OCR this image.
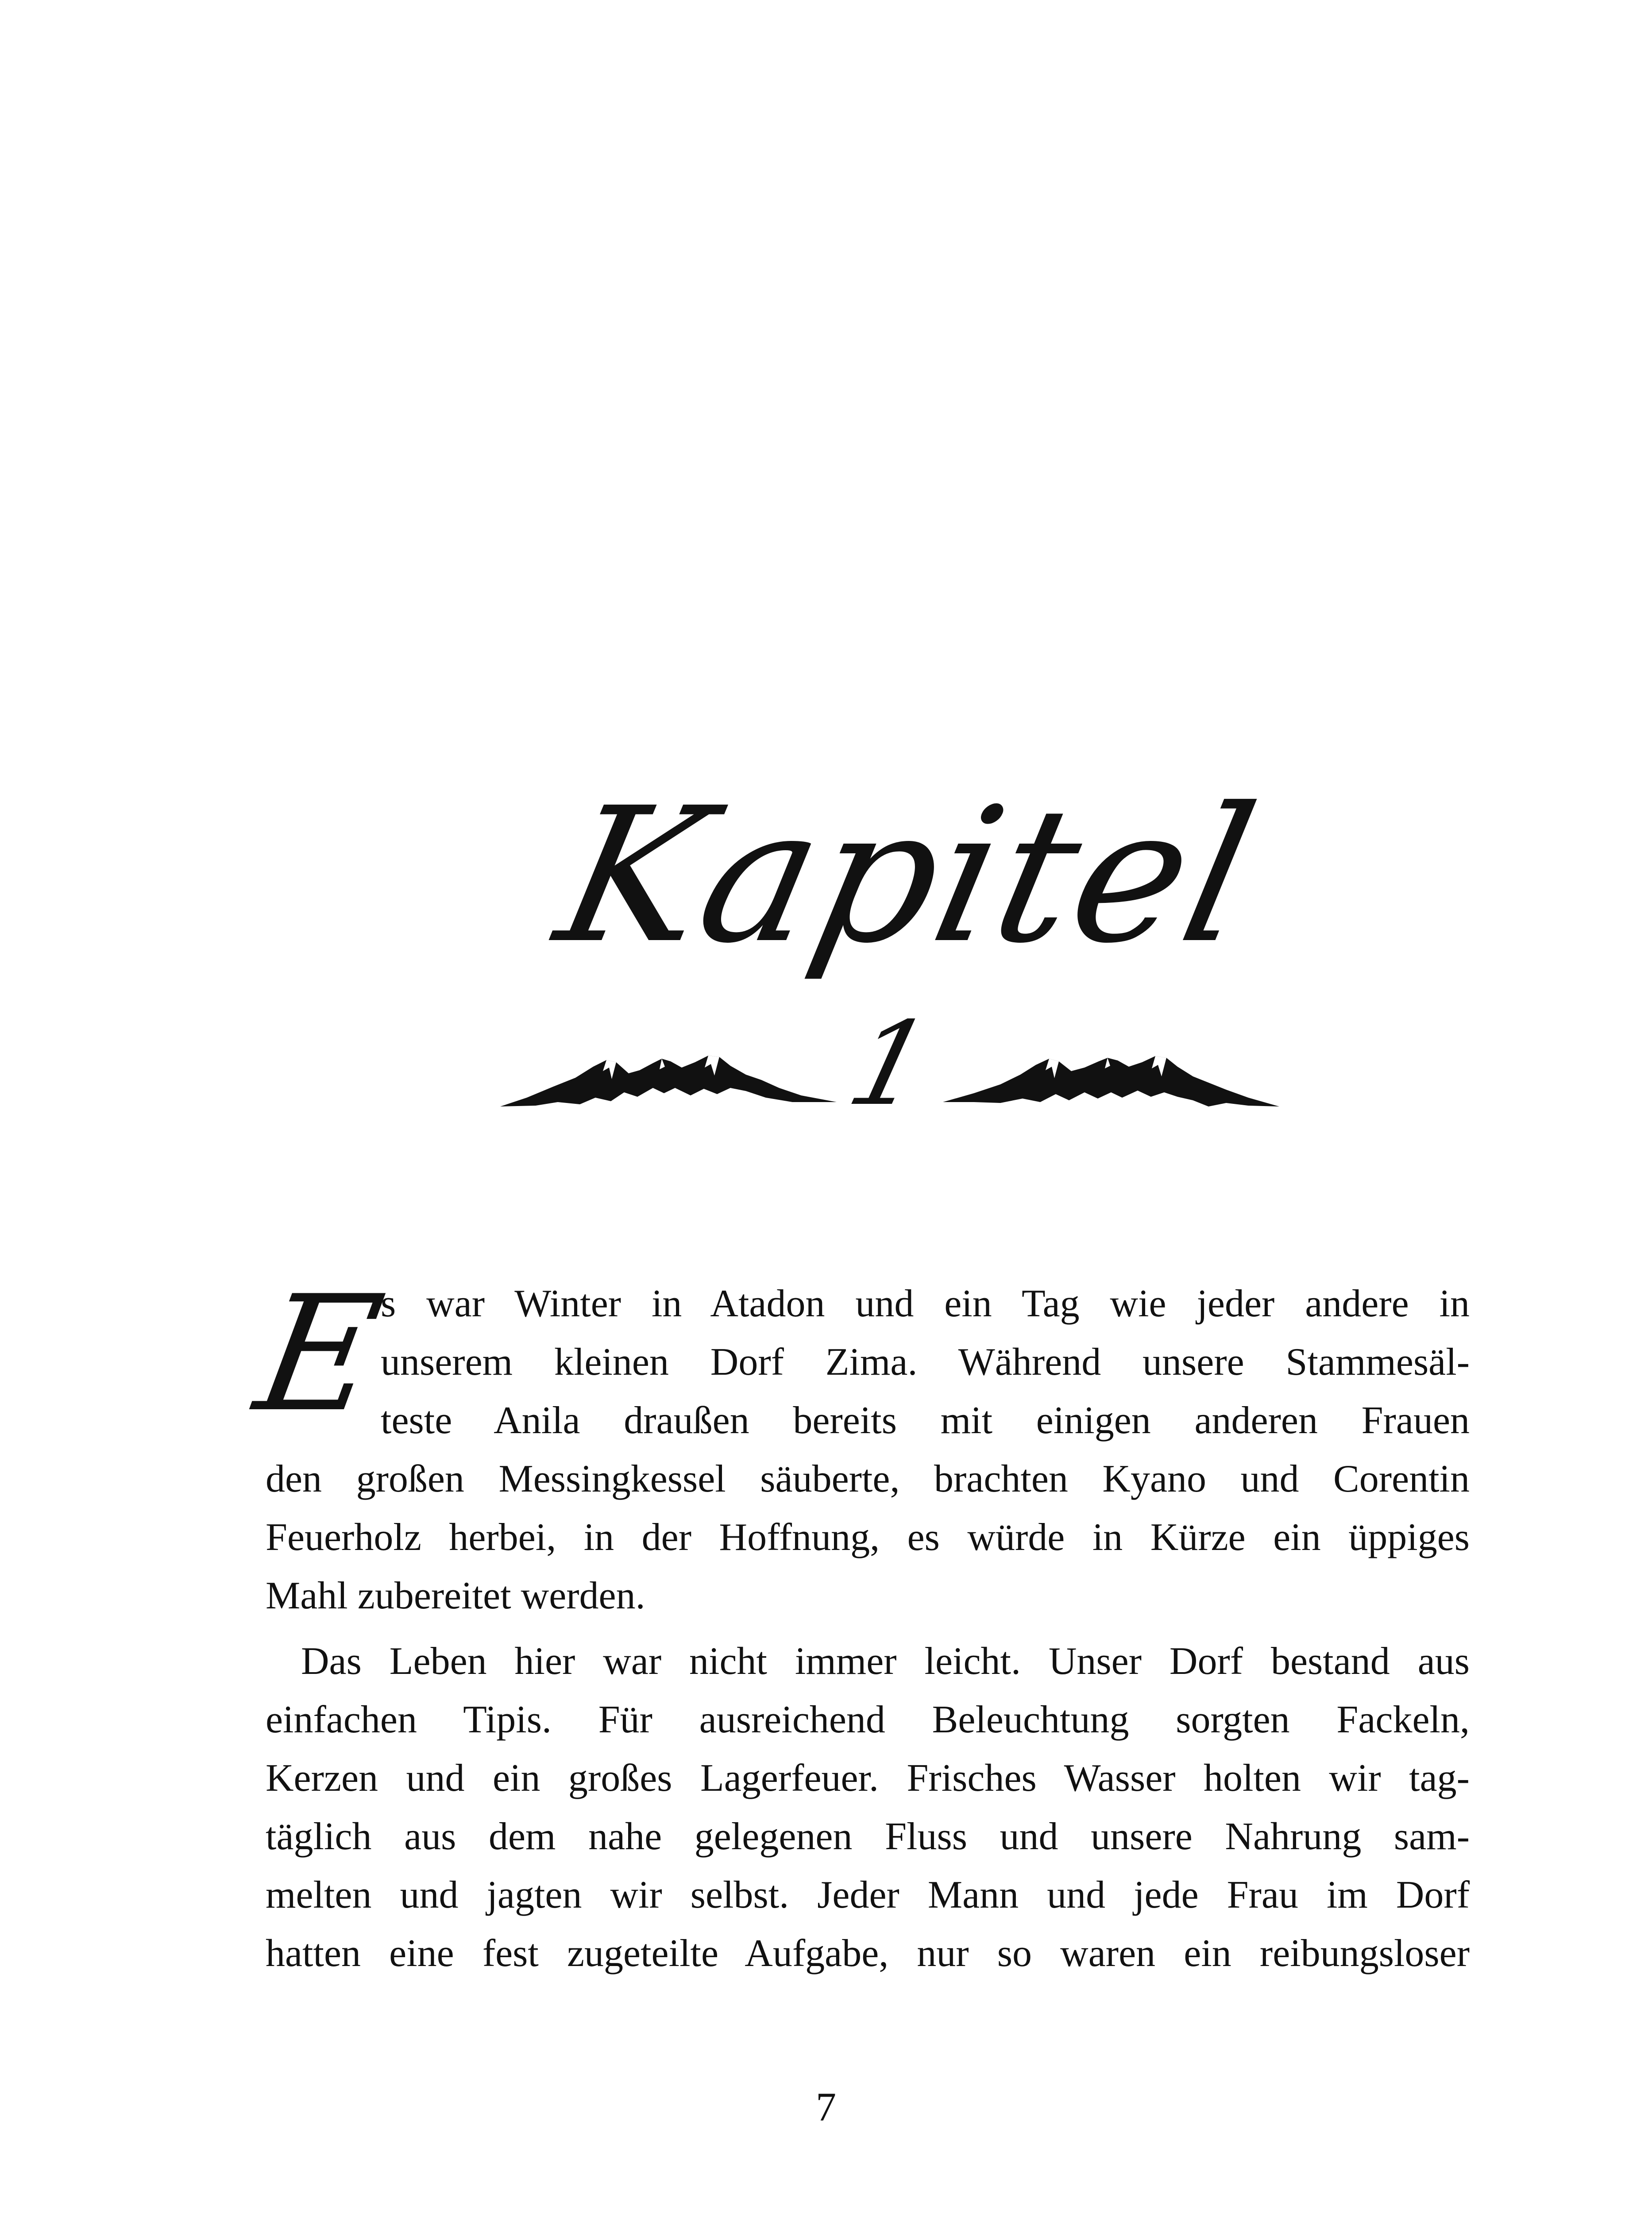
Kapitel
1
E
s war Winter in Atadon und ein Tag wie jeder andere in
unserem kleinen Dorf Zima. Während unsere Stammesäl-
teste Anila draußen bereits mit einigen anderen Frauen
den großen Messingkessel säuberte, brachten Kyano und Corentin
Feuerholz herbei, in der Hoffnung, es würde in Kürze ein üppiges
Mahl zubereitet werden.
Das Leben hier war nicht immer leicht. Unser Dorf bestand aus
einfachen Tipis. Für ausreichend Beleuchtung sorgten Fackeln,
Kerzen und ein großes Lagerfeuer. Frisches Wasser holten wir tag-
täglich aus dem nahe gelegenen Fluss und unsere Nahrung sam-
melten und jagten wir selbst. Jeder Mann und jede Frau im Dorf
hatten eine fest zugeteilte Aufgabe, nur so waren ein reibungsloser
7
